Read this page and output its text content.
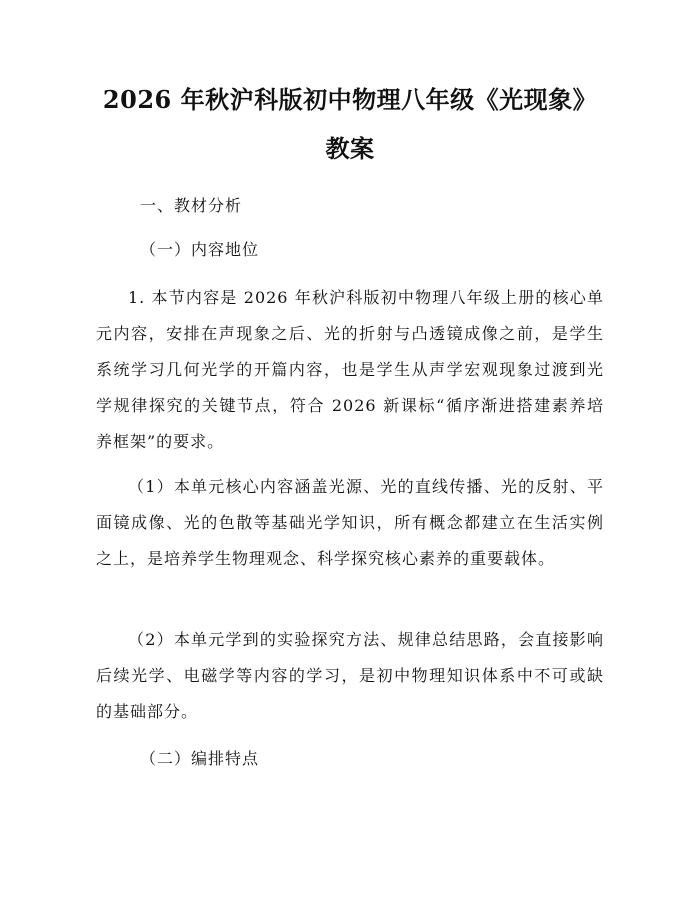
2026 年秋沪科版初中物理八年级《光现象》
教案

一、教材分析

（一）内容地位

1. 本节内容是 2026 年秋沪科版初中物理八年级上册的核心单元内容，安排在声现象之后、光的折射与凸透镜成像之前，是学生系统学习几何光学的开篇内容，也是学生从声学宏观现象过渡到光学规律探究的关键节点，符合 2026 新课标“循序渐进搭建素养培养框架”的要求。

（1）本单元核心内容涵盖光源、光的直线传播、光的反射、平面镜成像、光的色散等基础光学知识，所有概念都建立在生活实例之上，是培养学生物理观念、科学探究核心素养的重要载体。

（2）本单元学到的实验探究方法、规律总结思路，会直接影响后续光学、电磁学等内容的学习，是初中物理知识体系中不可或缺的基础部分。

（二）编排特点
